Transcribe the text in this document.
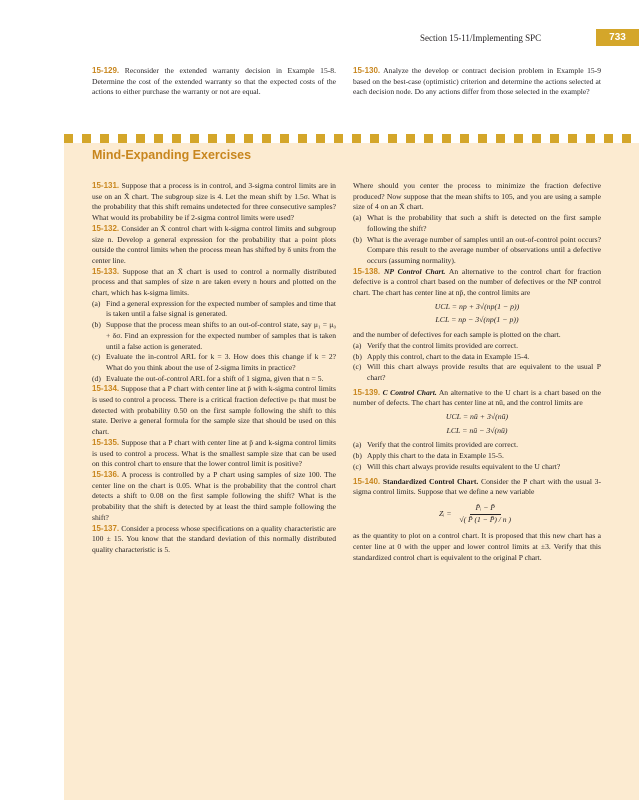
Section 15-11/Implementing SPC	733

15-129. Reconsider the extended warranty decision in Example 15-8. Determine the cost of the extended warranty so that the expected costs of the actions to either purchase the warranty or not are equal.

15-130. Analyze the develop or contract decision problem in Example 15-9 based on the best-case (optimistic) criterion and determine the actions selected at each decision node. Do any actions differ from those selected in the example?

Mind-Expanding Exercises

15-131. Suppose that a process is in control, and 3-sigma control limits are in use on an X̄ chart. The subgroup size is 4. Let the mean shift by 1.5σ. What is the probability that this shift remains undetected for three consecutive samples? What would its probability be if 2-sigma control limits were used?

15-132. Consider an X̄ control chart with k-sigma control limits and subgroup size n. Develop a general expression for the probability that a point plots outside the control limits when the process mean has shifted by δ units from the center line.

15-133. Suppose that an X̄ chart is used to control a normally distributed process and that samples of size n are taken every n hours and plotted on the chart, which has k-sigma limits.

(a) Find a general expression for the expected number of samples and time that is taken until a false signal is generated.
(b) Suppose that the process mean shifts to an out-of-control state, say μ₁ = μ₀ + δσ. Find an expression for the expected number of samples that is taken until a false action is generated.
(c) Evaluate the in-control ARL for k = 3. How does this change if k = 2? What do you think about the use of 2-sigma limits in practice?
(d) Evaluate the out-of-control ARL for a shift of 1 sigma, given that n = 5.

15-134. Suppose that a P chart with center line at p̄ with k-sigma control limits is used to control a process. There is a critical fraction defective pₛ that must be detected with probability 0.50 on the first sample following the shift to this state. Derive a general formula for the sample size that should be used on this chart.

15-135. Suppose that a P chart with center line at p̄ and k-sigma control limits is used to control a process. What is the smallest sample size that can be used on this control chart to ensure that the lower control limit is positive?

15-136. A process is controlled by a P chart using samples of size 100. The center line on the chart is 0.05. What is the probability that the control chart detects a shift to 0.08 on the first sample following the shift? What is the probability that the shift is detected by at least the third sample following the shift?

15-137. Consider a process whose specifications on a quality characteristic are 100 ± 15. You know that the standard deviation of this normally distributed quality characteristic is 5.

Where should you center the process to minimize the fraction defective produced? Now suppose that the mean shifts to 105, and you are using a sample size of 4 on an X̄ chart.

(a) What is the probability that such a shift is detected on the first sample following the shift?
(b) What is the average number of samples until an out-of-control point occurs? Compare this result to the average number of observations until a defective occurs (assuming normality).

15-138. NP Control Chart. An alternative to the control chart for fraction defective is a control chart based on the number of defectives or the NP control chart. The chart has center line at np̄, the control limits are

UCL = np + 3√(np(1 − p))
LCL = np − 3√(np(1 − p))

and the number of defectives for each sample is plotted on the chart.

(a) Verify that the control limits provided are correct.
(b) Apply this control, chart to the data in Example 15-4.
(c) Will this chart always provide results that are equivalent to the usual P chart?

15-139. C Control Chart. An alternative to the U chart is a chart based on the number of defects. The chart has center line at nū, and the control limits are

UCL = nū + 3√(nū)
LCL = nū − 3√(nū)
(a) Verify that the control limits provided are correct.
(b) Apply this chart to the data in Example 15-5.
(c) Will this chart always provide results equivalent to the U chart?

15-140. Standardized Control Chart. Consider the P chart with the usual 3-sigma control limits. Suppose that we define a new variable

Zᵢ = $\frac{\text{P̂ᵢ − P̄}}{√( P̄ (1 - P̄) / n )}$

as the quantity to plot on a control chart. It is proposed that this new chart has a center line at 0 with the upper and lower control limits at ±3. Verify that this standardized control chart is equivalent to the original P chart.
